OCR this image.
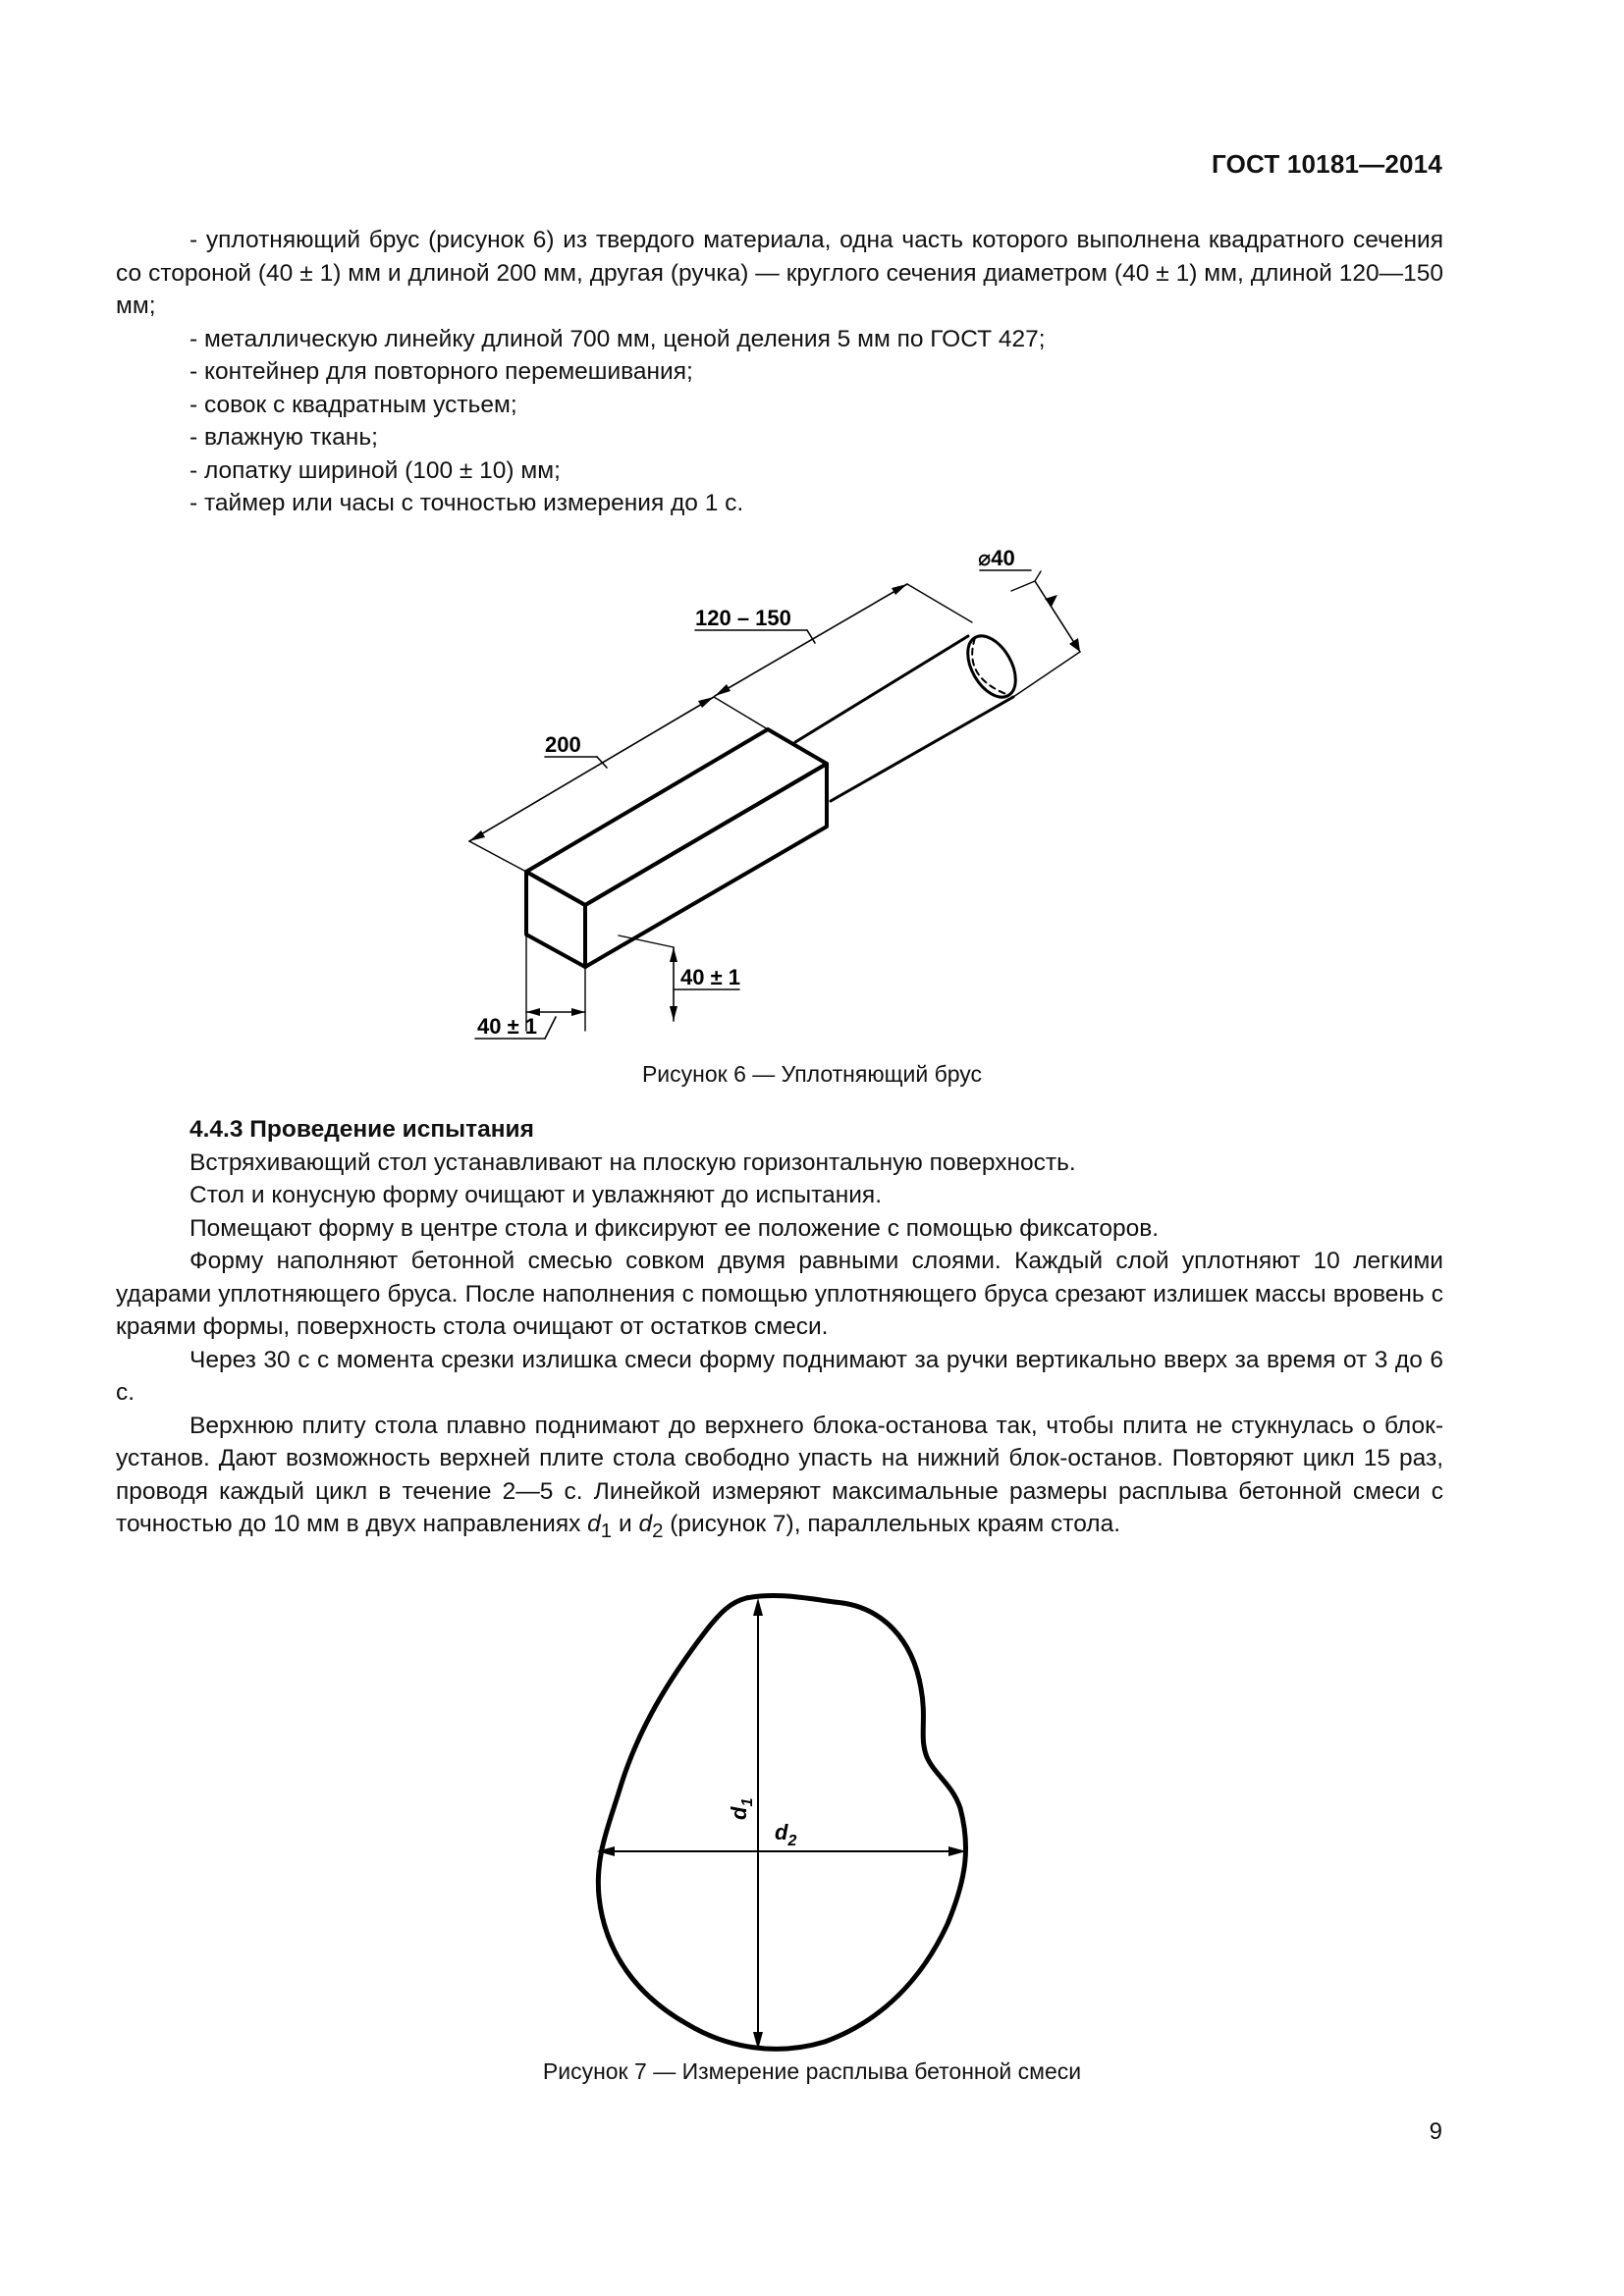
ГОСТ 10181—2014

- уплотняющий брус (рисунок 6) из твердого материала, одна часть которого выполнена квадратного сечения со стороной (40 ± 1) мм и длиной 200 мм, другая (ручка) — круглого сечения диаметром (40 ± 1) мм, длиной 120—150 мм;

- металлическую линейку длиной 700 мм, ценой деления 5 мм по ГОСТ 427;

- контейнер для повторного перемешивания;

- совок с квадратным устьем;

- влажную ткань;

- лопатку шириной (100 ± 10) мм;

- таймер или часы с точностью измерения до 1 с.

⌀40
120 – 150
200
40 ± 1
40 ± 1
Рисунок 6 — Уплотняющий брус

4.4.3 Проведение испытания

Встряхивающий стол устанавливают на плоскую горизонтальную поверхность.

Стол и конусную форму очищают и увлажняют до испытания.

Помещают форму в центре стола и фиксируют ее положение с помощью фиксаторов.

Форму наполняют бетонной смесью совком двумя равными слоями. Каждый слой уплотняют 10 легкими ударами уплотняющего бруса. После наполнения с помощью уплотняющего бруса срезают излишек массы вровень с краями формы, поверхность стола очищают от остатков смеси.

Через 30 с с момента срезки излишка смеси форму поднимают за ручки вертикально вверх за время от 3 до 6 с.

Верхнюю плиту стола плавно поднимают до верхнего блока-останова так, чтобы плита не стукнулась о блок-установ. Дают возможность верхней плите стола свободно упасть на нижний блок-останов. Повторяют цикл 15 раз, проводя каждый цикл в течение 2—5 с. Линейкой измеряют максимальные размеры расплыва бетонной смеси с точностью до 10 мм в двух направлениях $d_1$ и $d_2$ (рисунок 7), параллельных краям стола.

$d_1$
$d_2$
Рисунок 7 — Измерение расплыва бетонной смеси
9
